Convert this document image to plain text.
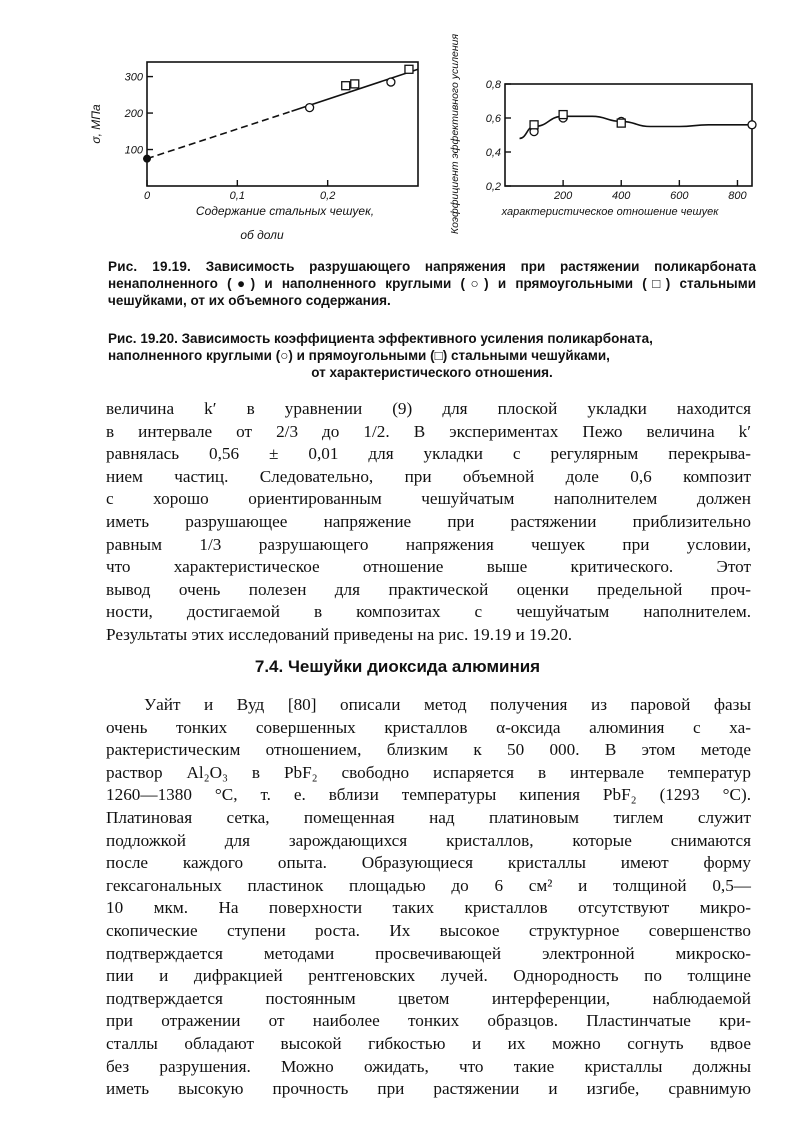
100
200
300
0	0,1	0,2
0,2
0,4
0,6
0,8
200	400	600	800
σ, МПа
Содержание стальных чешуек,
об доли
Коэффициент эффективного усиления	характеристическое отношение чешуек
Рис. 19.19. Зависимость разрушающего напряжения при растяжении поликарбоната ненаполненного (●) и наполненного круглыми (○) и прямоугольными (□) стальными чешуйками, от их объемного содержания.
Рис. 19.20. Зависимость коэффициента эффективного усиления поликарбоната,
наполненного круглыми (○) и прямоугольными (□) стальными чешуйками,
от характеристического отношения.

величина k′ в уравнении (9) для плоской укладки находится

в интервале от 2/3 до 1/2. В экспериментах Пежо величина k′

равнялась 0,56 ± 0,01 для укладки с регулярным перекрыва-

нием частиц. Следовательно, при объемной доле 0,6 композит

с хорошо ориентированным чешуйчатым наполнителем должен

иметь разрушающее напряжение при растяжении приблизительно

равным 1/3 разрушающего напряжения чешуек при условии,

что характеристическое отношение выше критического. Этот

вывод очень полезен для практической оценки предельной проч-

ности, достигаемой в композитах с чешуйчатым наполнителем.

Результаты этих исследований приведены на рис. 19.19 и 19.20.

7.4. Чешуйки диоксида алюминия

Уайт и Вуд [80] описали метод получения из паровой фазы

очень тонких совершенных кристаллов α-оксида алюминия с ха-

рактеристическим отношением, близким к 50 000. В этом методе

раствор Al₂O₃ в PbF₂ свободно испаряется в интервале температур

1260—1380 °С, т. е. вблизи температуры кипения PbF₂ (1293 °С).

Платиновая сетка, помещенная над платиновым тиглем служит

подложкой для зарождающихся кристаллов, которые снимаются

после каждого опыта. Образующиеся кристаллы имеют форму

гексагональных пластинок площадью до 6 см² и толщиной 0,5—

10 мкм. На поверхности таких кристаллов отсутствуют микро-

скопические ступени роста. Их высокое структурное совершенство

подтверждается методами просвечивающей электронной микроско-

пии и дифракцией рентгеновских лучей. Однородность по толщине

подтверждается постоянным цветом интерференции, наблюдаемой

при отражении от наиболее тонких образцов. Пластинчатые кри-

сталлы обладают высокой гибкостью и их можно согнуть вдвое

без разрушения. Можно ожидать, что такие кристаллы должны

иметь высокую прочность при растяжении и изгибе, сравнимую
